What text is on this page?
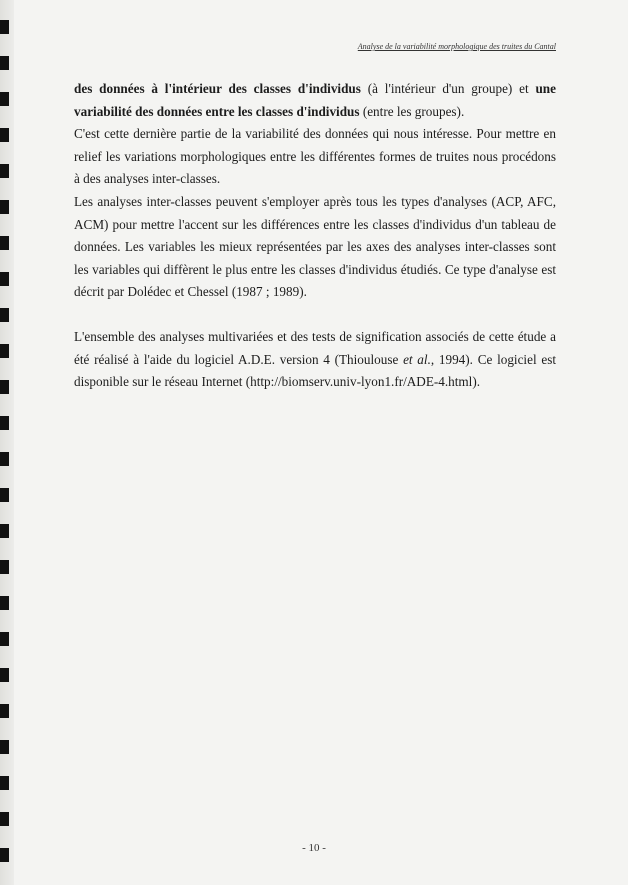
Analyse de la variabilité morphologique des truites du Cantal

des données à l'intérieur des classes d'individus (à l'intérieur d'un groupe) et une variabilité des données entre les classes d'individus (entre les groupes).

C'est cette dernière partie de la variabilité des données qui nous intéresse. Pour mettre en relief les variations morphologiques entre les différentes formes de truites nous procédons à des analyses inter-classes.

Les analyses inter-classes peuvent s'employer après tous les types d'analyses (ACP, AFC, ACM) pour mettre l'accent sur les différences entre les classes d'individus d'un tableau de données. Les variables les mieux représentées par les axes des analyses inter-classes sont les variables qui diffèrent le plus entre les classes d'individus étudiés. Ce type d'analyse est décrit par Dolédec et Chessel (1987 ; 1989).

L'ensemble des analyses multivariées et des tests de signification associés de cette étude a été réalisé à l'aide du logiciel A.D.E. version 4 (Thioulouse et al., 1994). Ce logiciel est disponible sur le réseau Internet (http://biomserv.univ-lyon1.fr/ADE-4.html).

- 10 -
